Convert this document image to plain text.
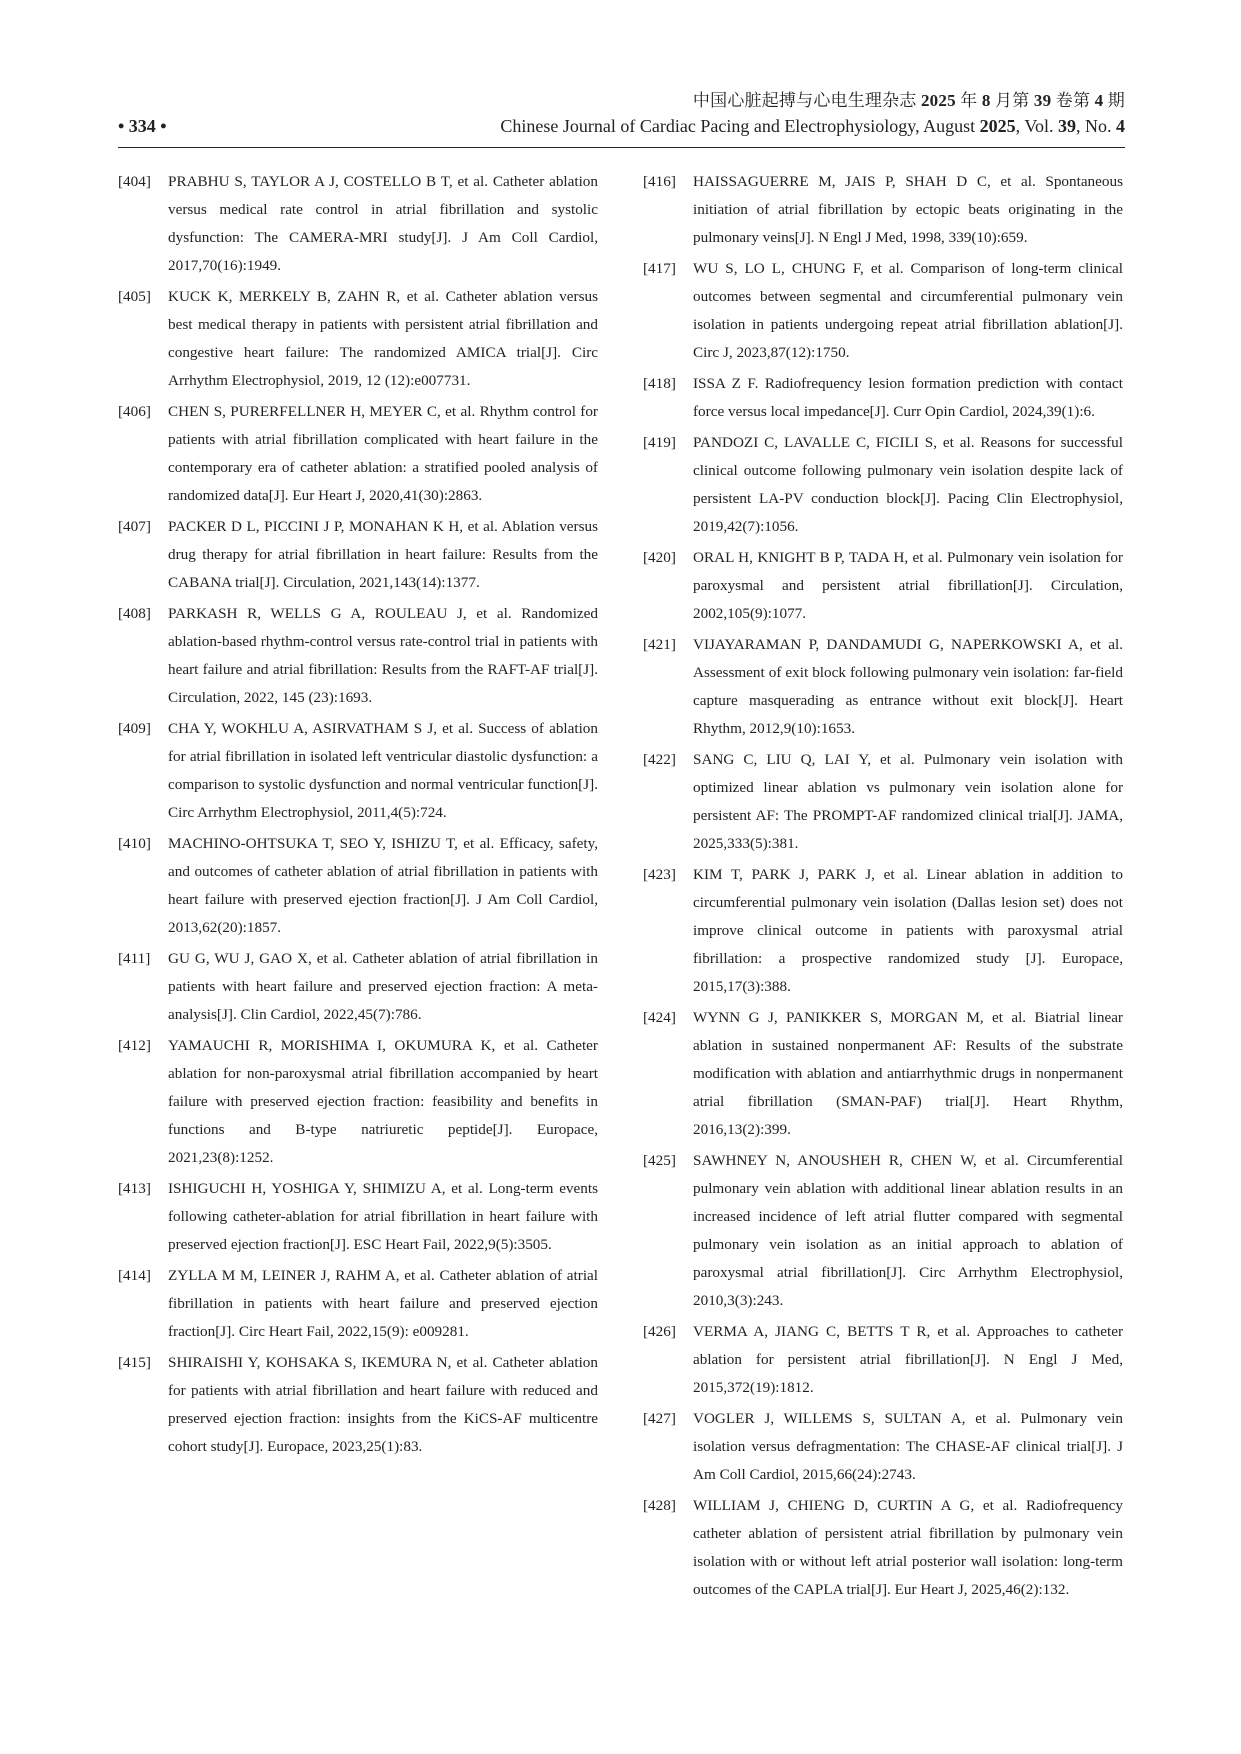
中国心脏起搏与心电生理杂志 2025 年 8 月第 39 卷第 4 期
• 334 •	Chinese Journal of Cardiac Pacing and Electrophysiology, August 2025, Vol. 39, No. 4

[404] PRABHU S, TAYLOR A J, COSTELLO B T, et al. Catheter ablation versus medical rate control in atrial fibrillation and systolic dysfunction: The CAMERA-MRI study[J]. J Am Coll Cardiol, 2017,70(16):1949.

[405] KUCK K, MERKELY B, ZAHN R, et al. Catheter ablation versus best medical therapy in patients with persistent atrial fibrillation and congestive heart failure: The randomized AMICA trial[J]. Circ Arrhythm Electrophysiol, 2019, 12 (12):e007731.

[406] CHEN S, PURERFELLNER H, MEYER C, et al. Rhythm control for patients with atrial fibrillation complicated with heart failure in the contemporary era of catheter ablation: a stratified pooled analysis of randomized data[J]. Eur Heart J, 2020,41(30):2863.

[407] PACKER D L, PICCINI J P, MONAHAN K H, et al. Ablation versus drug therapy for atrial fibrillation in heart failure: Results from the CABANA trial[J]. Circulation, 2021,143(14):1377.

[408] PARKASH R, WELLS G A, ROULEAU J, et al. Randomized ablation-based rhythm-control versus rate-control trial in patients with heart failure and atrial fibrillation: Results from the RAFT-AF trial[J]. Circulation, 2022, 145 (23):1693.

[409] CHA Y, WOKHLU A, ASIRVATHAM S J, et al. Success of ablation for atrial fibrillation in isolated left ventricular diastolic dysfunction: a comparison to systolic dysfunction and normal ventricular function[J]. Circ Arrhythm Electrophysiol, 2011,4(5):724.

[410] MACHINO-OHTSUKA T, SEO Y, ISHIZU T, et al. Efficacy, safety, and outcomes of catheter ablation of atrial fibrillation in patients with heart failure with preserved ejection fraction[J]. J Am Coll Cardiol, 2013,62(20):1857.

[411] GU G, WU J, GAO X, et al. Catheter ablation of atrial fibrillation in patients with heart failure and preserved ejection fraction: A meta-analysis[J]. Clin Cardiol, 2022,45(7):786.

[412] YAMAUCHI R, MORISHIMA I, OKUMURA K, et al. Catheter ablation for non-paroxysmal atrial fibrillation accompanied by heart failure with preserved ejection fraction: feasibility and benefits in functions and B-type natriuretic peptide[J]. Europace, 2021,23(8):1252.

[413] ISHIGUCHI H, YOSHIGA Y, SHIMIZU A, et al. Long-term events following catheter-ablation for atrial fibrillation in heart failure with preserved ejection fraction[J]. ESC Heart Fail, 2022,9(5):3505.

[414] ZYLLA M M, LEINER J, RAHM A, et al. Catheter ablation of atrial fibrillation in patients with heart failure and preserved ejection fraction[J]. Circ Heart Fail, 2022,15(9): e009281.

[415] SHIRAISHI Y, KOHSAKA S, IKEMURA N, et al. Catheter ablation for patients with atrial fibrillation and heart failure with reduced and preserved ejection fraction: insights from the KiCS-AF multicentre cohort study[J]. Europace, 2023,25(1):83.

[416] HAISSAGUERRE M, JAIS P, SHAH D C, et al. Spontaneous initiation of atrial fibrillation by ectopic beats originating in the pulmonary veins[J]. N Engl J Med, 1998, 339(10):659.

[417] WU S, LO L, CHUNG F, et al. Comparison of long-term clinical outcomes between segmental and circumferential pulmonary vein isolation in patients undergoing repeat atrial fibrillation ablation[J]. Circ J, 2023,87(12):1750.

[418] ISSA Z F. Radiofrequency lesion formation prediction with contact force versus local impedance[J]. Curr Opin Cardiol, 2024,39(1):6.

[419] PANDOZI C, LAVALLE C, FICILI S, et al. Reasons for successful clinical outcome following pulmonary vein isolation despite lack of persistent LA-PV conduction block[J]. Pacing Clin Electrophysiol, 2019,42(7):1056.

[420] ORAL H, KNIGHT B P, TADA H, et al. Pulmonary vein isolation for paroxysmal and persistent atrial fibrillation[J]. Circulation, 2002,105(9):1077.

[421] VIJAYARAMAN P, DANDAMUDI G, NAPERKOWSKI A, et al. Assessment of exit block following pulmonary vein isolation: far-field capture masquerading as entrance without exit block[J]. Heart Rhythm, 2012,9(10):1653.

[422] SANG C, LIU Q, LAI Y, et al. Pulmonary vein isolation with optimized linear ablation vs pulmonary vein isolation alone for persistent AF: The PROMPT-AF randomized clinical trial[J]. JAMA, 2025,333(5):381.

[423] KIM T, PARK J, PARK J, et al. Linear ablation in addition to circumferential pulmonary vein isolation (Dallas lesion set) does not improve clinical outcome in patients with paroxysmal atrial fibrillation: a prospective randomized study [J]. Europace, 2015,17(3):388.

[424] WYNN G J, PANIKKER S, MORGAN M, et al. Biatrial linear ablation in sustained nonpermanent AF: Results of the substrate modification with ablation and antiarrhythmic drugs in nonpermanent atrial fibrillation (SMAN-PAF) trial[J]. Heart Rhythm, 2016,13(2):399.

[425] SAWHNEY N, ANOUSHEH R, CHEN W, et al. Circumferential pulmonary vein ablation with additional linear ablation results in an increased incidence of left atrial flutter compared with segmental pulmonary vein isolation as an initial approach to ablation of paroxysmal atrial fibrillation[J]. Circ Arrhythm Electrophysiol, 2010,3(3):243.

[426] VERMA A, JIANG C, BETTS T R, et al. Approaches to catheter ablation for persistent atrial fibrillation[J]. N Engl J Med, 2015,372(19):1812.

[427] VOGLER J, WILLEMS S, SULTAN A, et al. Pulmonary vein isolation versus defragmentation: The CHASE-AF clinical trial[J]. J Am Coll Cardiol, 2015,66(24):2743.

[428] WILLIAM J, CHIENG D, CURTIN A G, et al. Radiofrequency catheter ablation of persistent atrial fibrillation by pulmonary vein isolation with or without left atrial posterior wall isolation: long-term outcomes of the CAPLA trial[J]. Eur Heart J, 2025,46(2):132.
